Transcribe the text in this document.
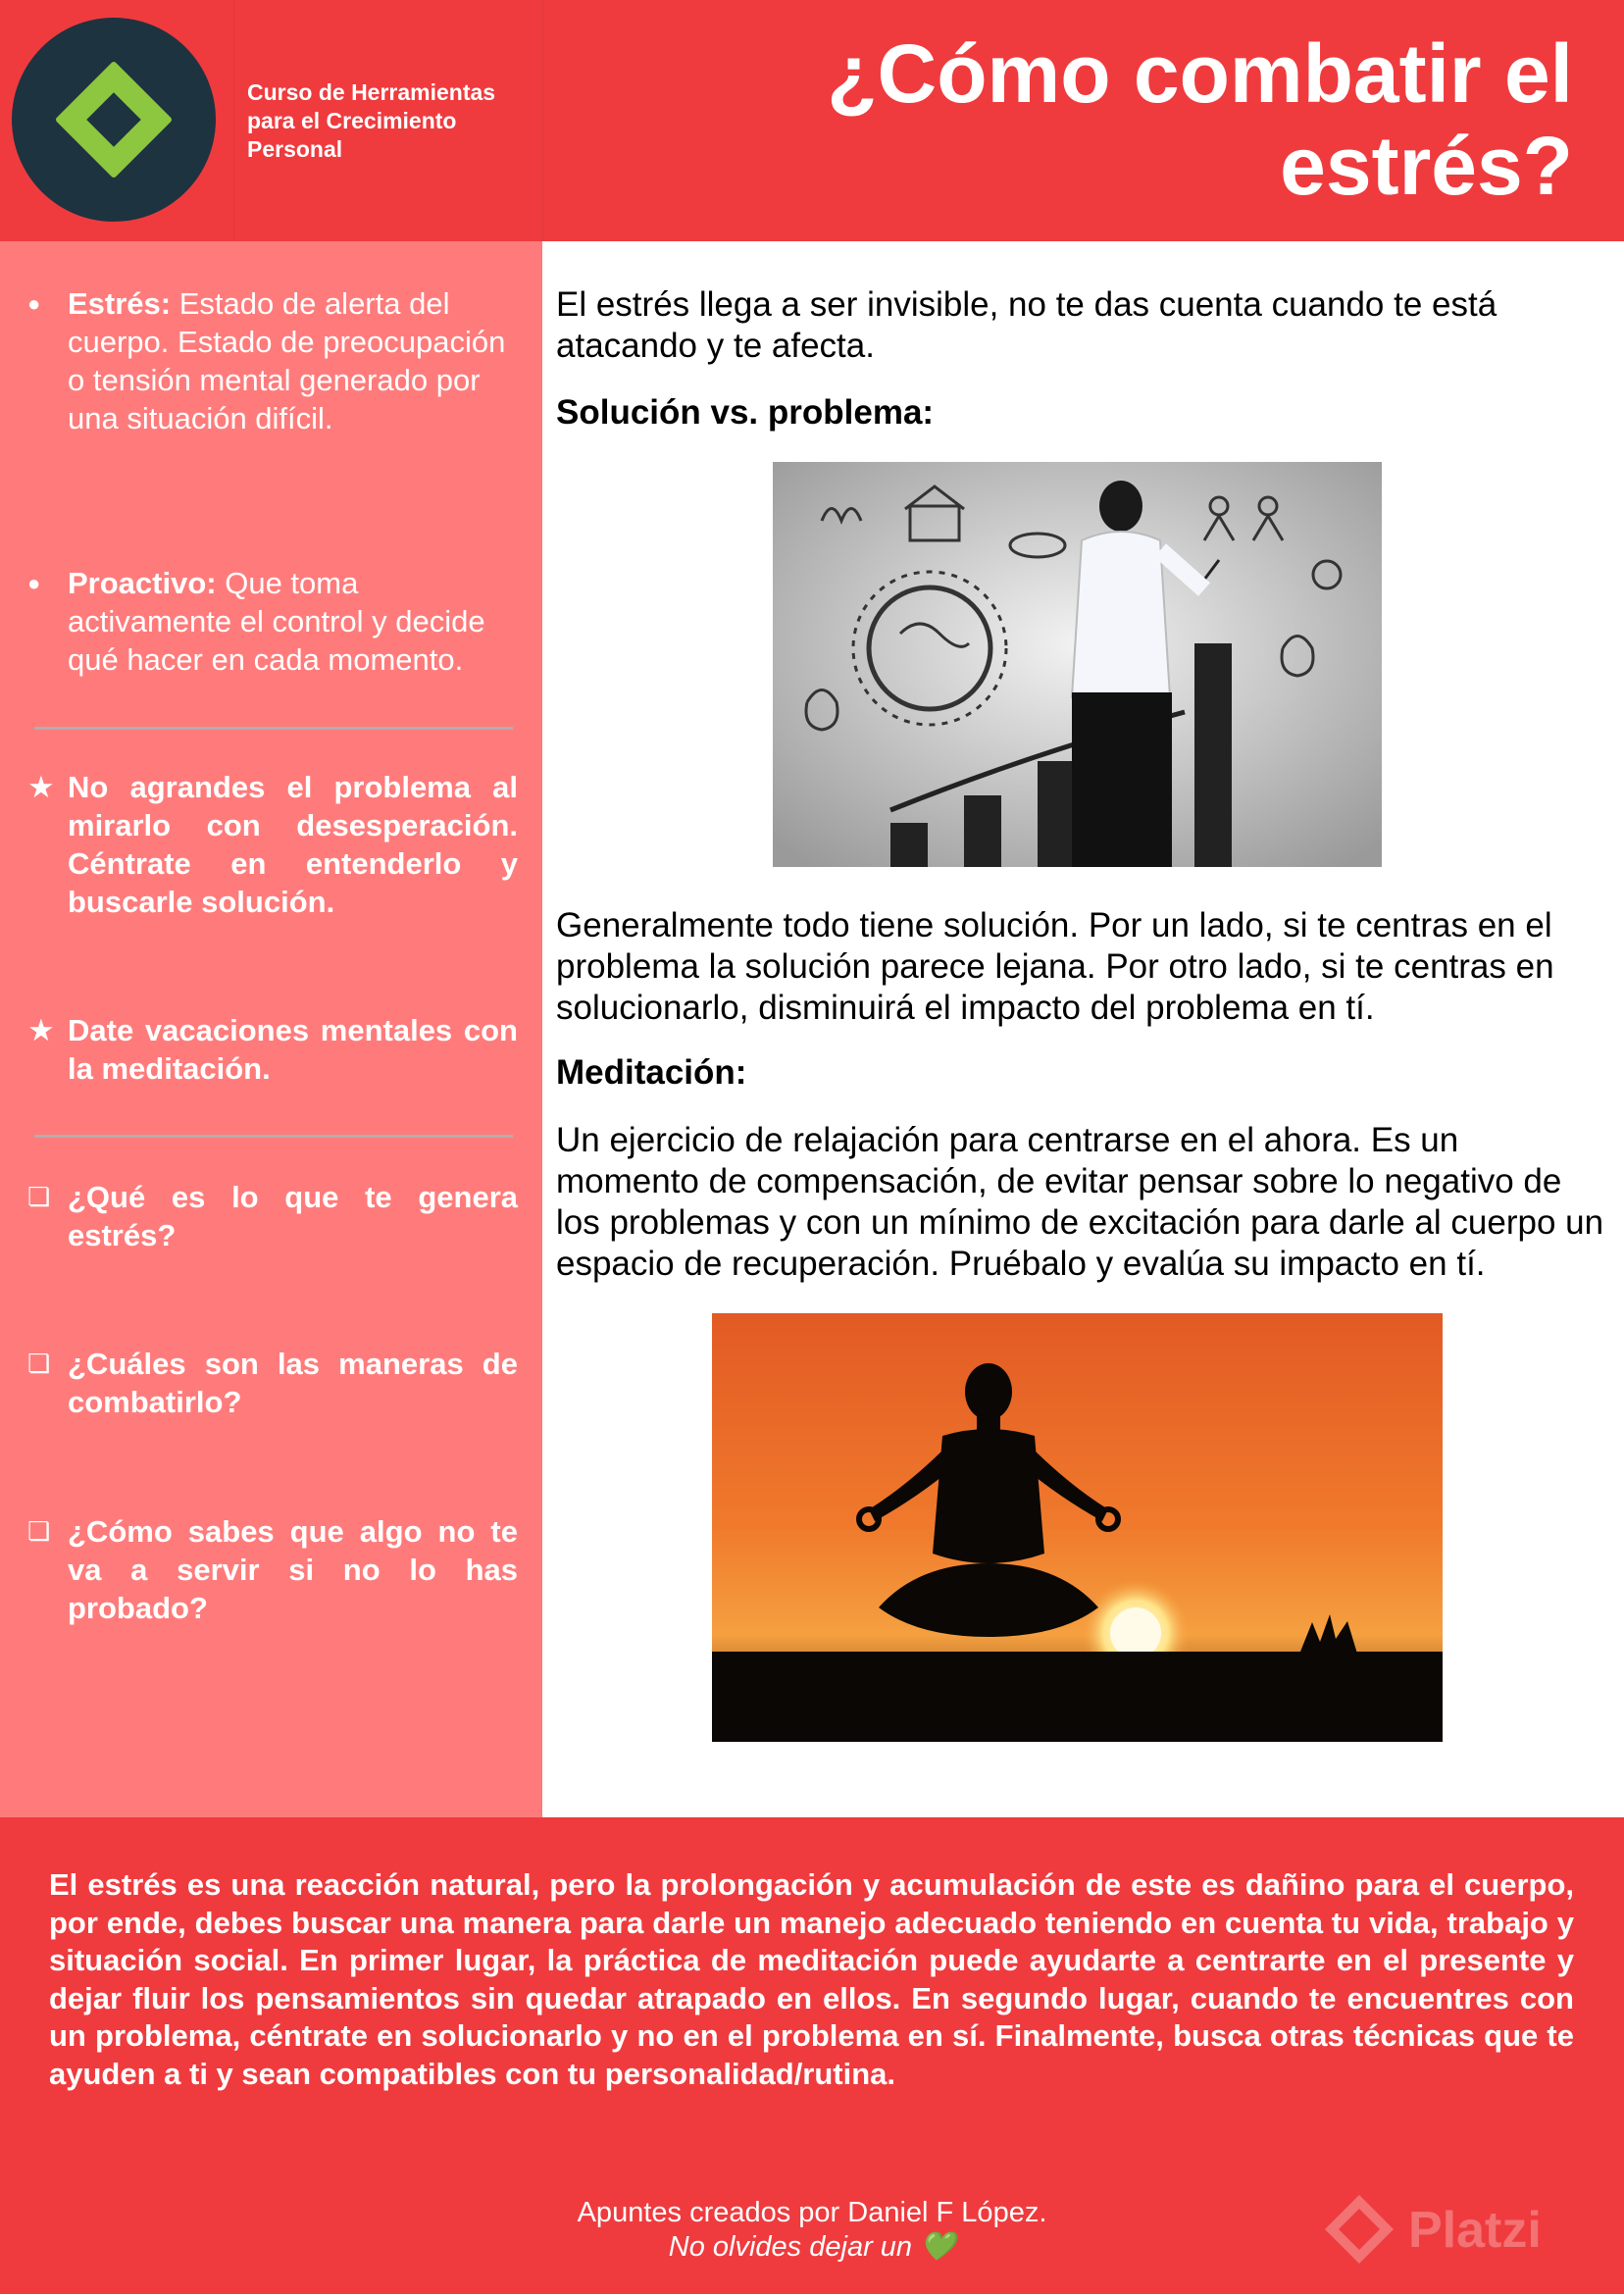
Curso de Herramientas para el Crecimiento Personal
¿Cómo combatir el estrés?
● Estrés: Estado de alerta del cuerpo. Estado de preocupación o tensión mental generado por una situación difícil.
● Proactivo: Que toma activamente el control y decide qué hacer en cada momento.
★ No agrandes el problema al mirarlo con desesperación. Céntrate en entenderlo y buscarle solución.
★ Date vacaciones mentales con la meditación.
❏ ¿Qué es lo que te genera estrés?
❏ ¿Cuáles son las maneras de combatirlo?
❏ ¿Cómo sabes que algo no te va a servir si no lo has probado?
El estrés llega a ser invisible, no te das cuenta cuando te está atacando y te afecta.
Solución vs. problema:
Generalmente todo tiene solución. Por un lado, si te centras en el problema la solución parece lejana. Por otro lado, si te centras en solucionarlo, disminuirá el impacto del problema en tí.
Meditación:
Un ejercicio de relajación para centrarse en el ahora. Es un momento de compensación, de evitar pensar sobre lo negativo de los problemas y con un mínimo de excitación para darle al cuerpo un espacio de recuperación. Pruébalo y evalúa su impacto en tí.
El estrés es una reacción natural, pero la prolongación y acumulación de este es dañino para el cuerpo, por ende, debes buscar una manera para darle un manejo adecuado teniendo en cuenta tu vida, trabajo y situación social. En primer lugar, la práctica de meditación puede ayudarte a centrarte en el presente y dejar fluir los pensamientos sin quedar atrapado en ellos. En segundo lugar, cuando te encuentres con un problema, céntrate en solucionarlo y no en el problema en sí. Finalmente, busca otras técnicas que te ayuden a ti y sean compatibles con tu personalidad/rutina.
Apuntes creados por Daniel F López.
No olvides dejar un 💚	Platzi
